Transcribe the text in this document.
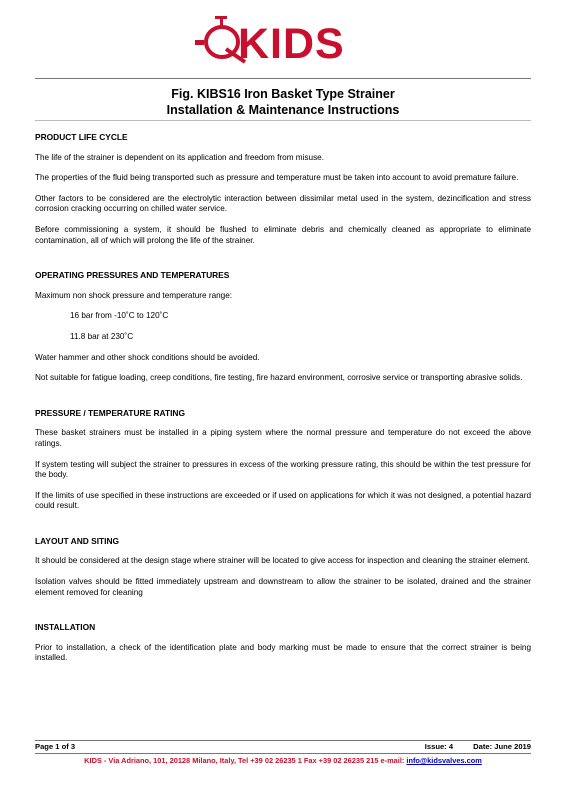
KIDS
Fig. KIBS16 Iron Basket Type Strainer
Installation & Maintenance Instructions
PRODUCT LIFE CYCLE

The life of the strainer is dependent on its application and freedom from misuse.

The properties of the fluid being transported such as pressure and temperature must be taken into account to avoid premature failure.

Other factors to be considered are the electrolytic interaction between dissimilar metal used in the system, dezincification and stress corrosion cracking occurring on chilled water service.

Before commissioning a system, it should be flushed to eliminate debris and chemically cleaned as appropriate to eliminate contamination, all of which will prolong the life of the strainer.

OPERATING PRESSURES AND TEMPERATURES

Maximum non shock pressure and temperature range:

16 bar from -10˚C to 120˚C

11.8 bar at 230˚C

Water hammer and other shock conditions should be avoided.

Not suitable for fatigue loading, creep conditions, fire testing, fire hazard environment, corrosive service or transporting abrasive solids.

PRESSURE / TEMPERATURE RATING

These basket strainers must be installed in a piping system where the normal pressure and temperature do not exceed the above ratings.

If system testing will subject the strainer to pressures in excess of the working pressure rating, this should be within the test pressure for the body.

If the limits of use specified in these instructions are exceeded or if used on applications for which it was not designed, a potential hazard could result.

LAYOUT AND SITING

It should be considered at the design stage where strainer will be located to give access for inspection and cleaning the strainer element.

Isolation valves should be fitted immediately upstream and downstream to allow the strainer to be isolated, drained and the strainer element removed for cleaning

INSTALLATION

Prior to installation, a check of the identification plate and body marking must be made to ensure that the correct strainer is being installed.

Page 1 of 3	Issue: 4	Date: June 2019
KIDS - Via Adriano, 101, 20128 Milano, Italy, Tel +39 02 26235 1 Fax +39 02 26235 215 e-mail: info@kidsvalves.com
